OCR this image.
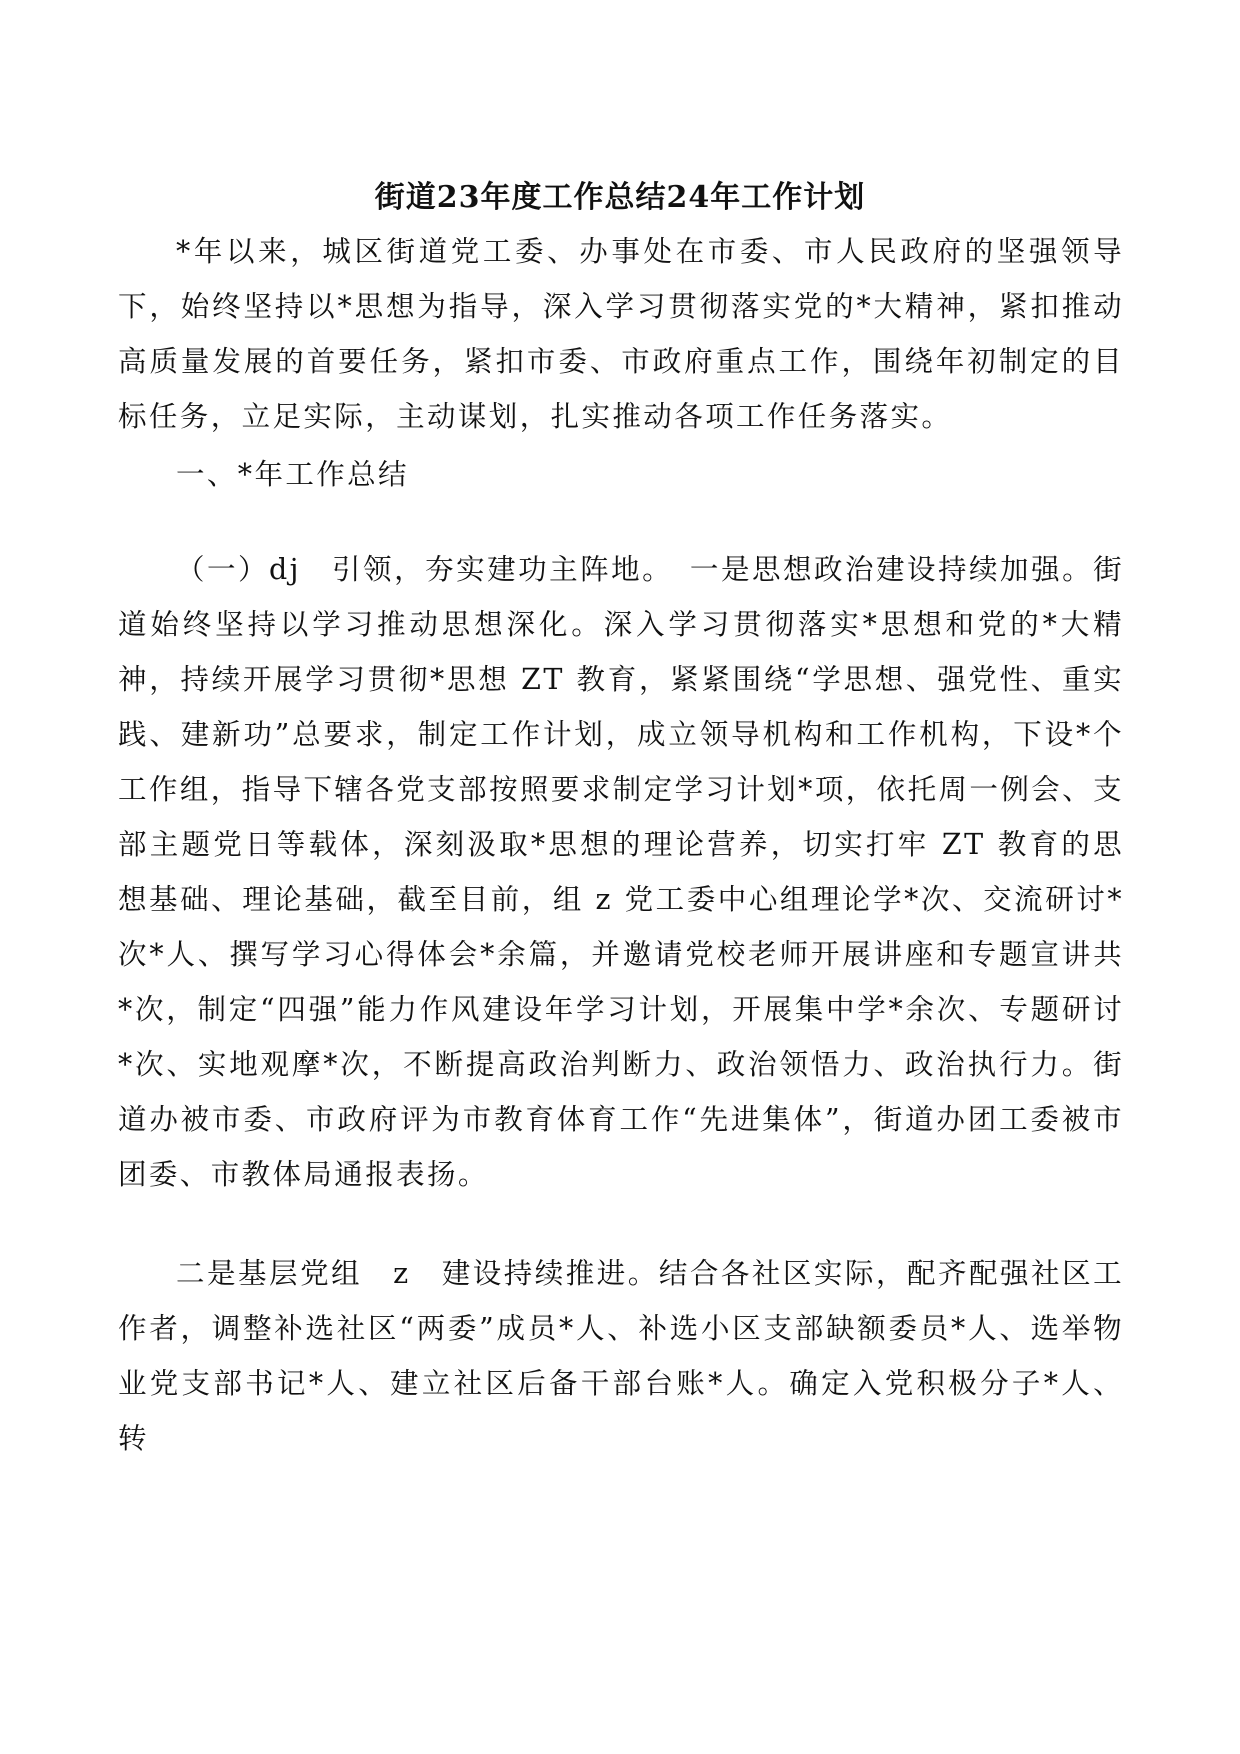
街道23年度工作总结24年工作计划

*年以来，城区街道党工委、办事处在市委、市人民政府的坚强领导下，始终坚持以*思想为指导，深入学习贯彻落实党的*大精神，紧扣推动高质量发展的首要任务，紧扣市委、市政府重点工作，围绕年初制定的目标任务，立足实际，主动谋划，扎实推动各项工作任务落实。

一、*年工作总结

（一）dj　引领，夯实建功主阵地。　一是思想政治建设持续加强。街道始终坚持以学习推动思想深化。深入学习贯彻落实*思想和党的*大精神，持续开展学习贯彻*思想 ZT 教育，紧紧围绕“学思想、强党性、重实践、建新功”总要求，制定工作计划，成立领导机构和工作机构，下设*个工作组，指导下辖各党支部按照要求制定学习计划*项，依托周一例会、支部主题党日等载体，深刻汲取*思想的理论营养，切实打牢 ZT 教育的思想基础、理论基础，截至目前，组 z 党工委中心组理论学*次、交流研讨*次*人、撰写学习心得体会*余篇，并邀请党校老师开展讲座和专题宣讲共*次，制定“四强”能力作风建设年学习计划，开展集中学*余次、专题研讨*次、实地观摩*次，不断提高政治判断力、政治领悟力、政治执行力。街道办被市委、市政府评为市教育体育工作“先进集体”，街道办团工委被市团委、市教体局通报表扬。

二是基层党组　z　建设持续推进。结合各社区实际，配齐配强社区工作者，调整补选社区“两委”成员*人、补选小区支部缺额委员*人、选举物业党支部书记*人、建立社区后备干部台账*人。确定入党积极分子*人、转
